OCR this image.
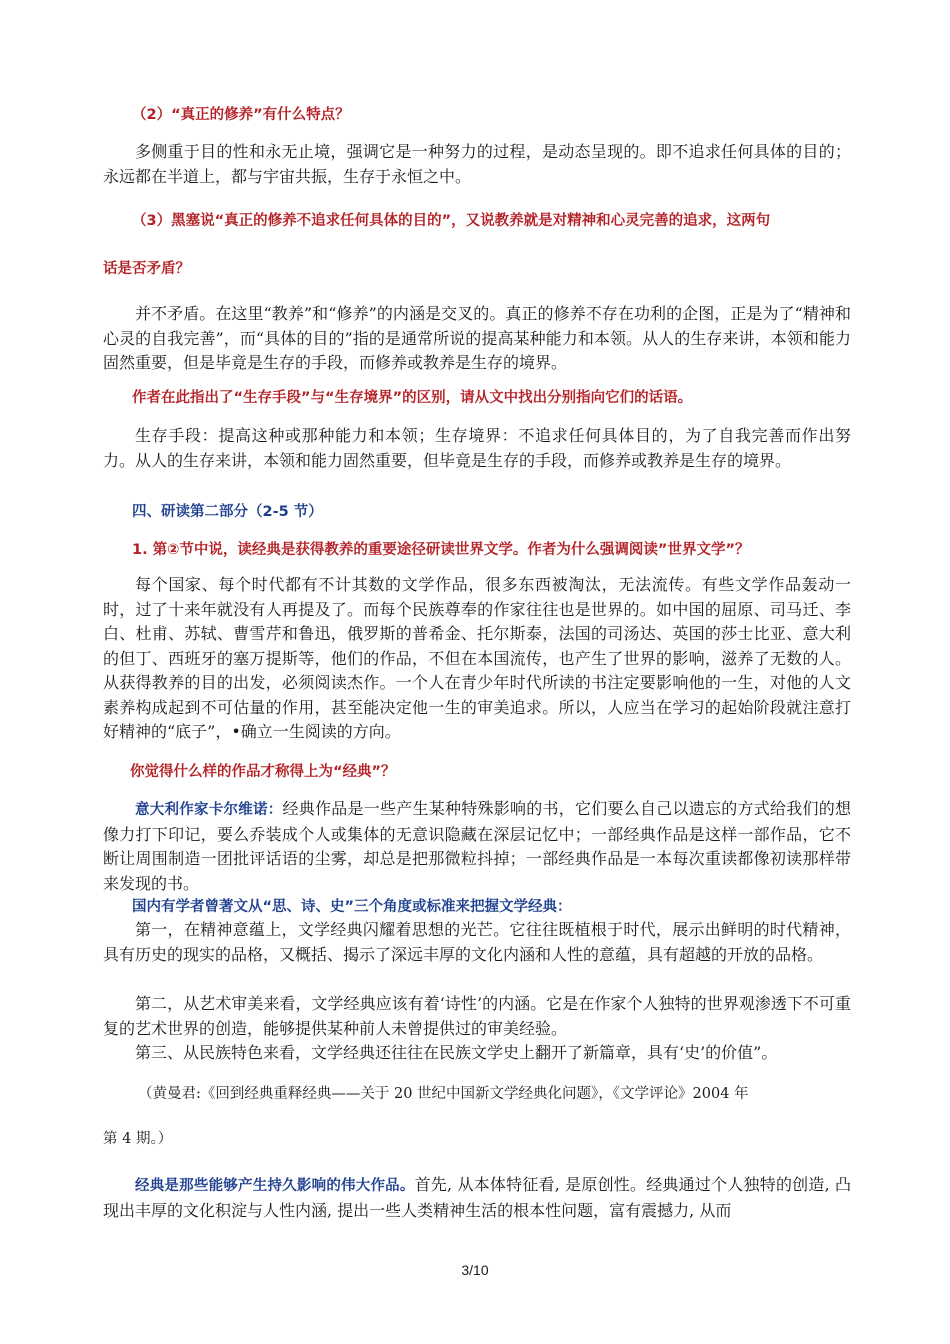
（2）“真正的修养”有什么特点？
多侧重于目的性和永无止境，强调它是一种努力的过程，是动态呈现的。即不追求任何具体的目的；永远都在半道上，都与宇宙共振，生存于永恒之中。
（3）黑塞说“真正的修养不追求任何具体的目的”，又说教养就是对精神和心灵完善的追求，这两句
话是否矛盾？
并不矛盾。在这里“教养”和“修养”的内涵是交叉的。真正的修养不存在功利的企图，正是为了“精神和心灵的自我完善”，而“具体的目的”指的是通常所说的提高某种能力和本领。从人的生存来讲，本领和能力固然重要，但是毕竟是生存的手段，而修养或教养是生存的境界。
作者在此指出了“生存手段”与“生存境界”的区别，请从文中找出分别指向它们的话语。
生存手段：提高这种或那种能力和本领；生存境界：不追求任何具体目的，为了自我完善而作出努力。从人的生存来讲，本领和能力固然重要，但毕竟是生存的手段，而修养或教养是生存的境界。
四、研读第二部分（2-5 节）
1. 第②节中说，读经典是获得教养的重要途径研读世界文学。作者为什么强调阅读”世界文学”？
每个国家、每个时代都有不计其数的文学作品，很多东西被淘汰，无法流传。有些文学作品轰动一时，过了十来年就没有人再提及了。而每个民族尊奉的作家往往也是世界的。如中国的屈原、司马迁、李白、杜甫、苏轼、曹雪芹和鲁迅，俄罗斯的普希金、托尔斯泰，法国的司汤达、英国的莎士比亚、意大利的但丁、西班牙的塞万提斯等，他们的作品，不但在本国流传，也产生了世界的影响，滋养了无数的人。从获得教养的目的出发，必须阅读杰作。一个人在青少年时代所读的书注定要影响他的一生，对他的人文素养构成起到不可估量的作用，甚至能决定他一生的审美追求。所以，人应当在学习的起始阶段就注意打好精神的“底子”，•确立一生阅读的方向。
你觉得什么样的作品才称得上为“经典”？
意大利作家卡尔维诺：经典作品是一些产生某种特殊影响的书，它们要么自己以遗忘的方式给我们的想像力打下印记，要么乔装成个人或集体的无意识隐藏在深层记忆中；一部经典作品是这样一部作品，它不断让周围制造一团批评话语的尘雾，却总是把那微粒抖掉；一部经典作品是一本每次重读都像初读那样带来发现的书。
国内有学者曾著文从“思、诗、史”三个角度或标准来把握文学经典：
第一，在精神意蕴上，文学经典闪耀着思想的光芒。它往往既植根于时代，展示出鲜明的时代精神，具有历史的现实的品格，又概括、揭示了深远丰厚的文化内涵和人性的意蕴，具有超越的开放的品格。
第二，从艺术审美来看，文学经典应该有着‘诗性’的内涵。它是在作家个人独特的世界观渗透下不可重复的艺术世界的创造，能够提供某种前人未曾提供过的审美经验。
第三、从民族特色来看，文学经典还往往在民族文学史上翻开了新篇章，具有‘史’的价值”。
（黄曼君:《回到经典重释经典——关于 20 世纪中国新文学经典化问题》，《文学评论》2004 年
第 4 期。）
经典是那些能够产生持久影响的伟大作品。首先, 从本体特征看, 是原创性。经典通过个人独特的创造, 凸现出丰厚的文化积淀与人性内涵, 提出一些人类精神生活的根本性问题，富有震撼力, 从而
3/10
